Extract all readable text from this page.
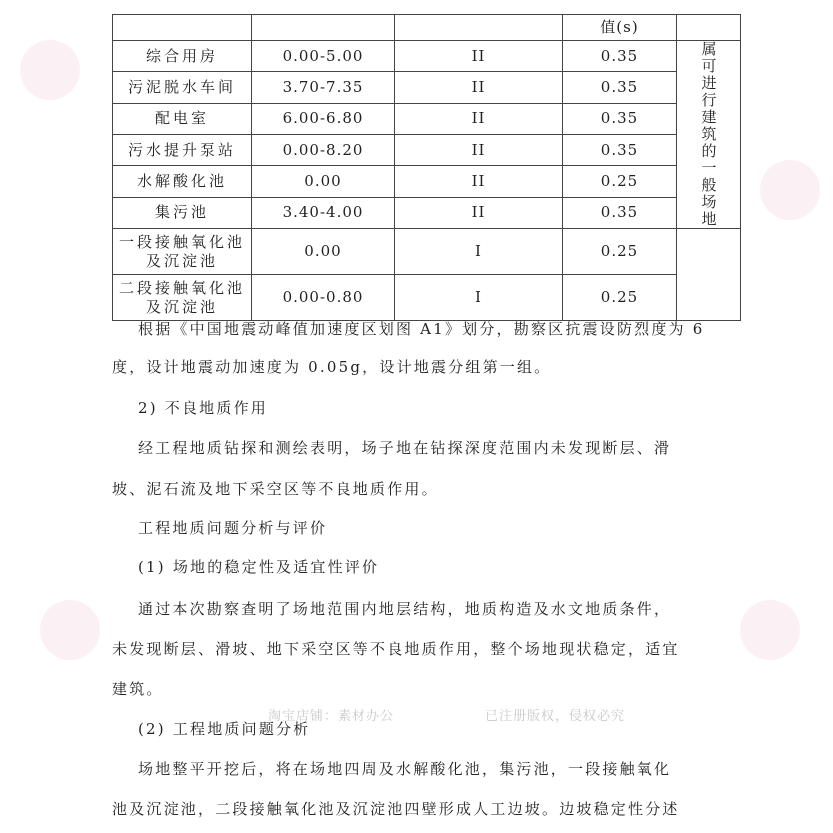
			值(s)	
综合用房	0.00-5.00	II	0.35	属可进行建筑的一般场地
污泥脱水车间	3.70-7.35	II	0.35	
配电室	6.00-6.80	II	0.35	
污水提升泵站	0.00-8.20	II	0.35	
水解酸化池	0.00	II	0.25	
集污池	3.40-4.00	II	0.35	
一段接触氧化池及沉淀池	0.00	I	0.25	
二段接触氧化池及沉淀池	0.00-0.80	I	0.25	
根据《中国地震动峰值加速度区划图 A1》划分，勘察区抗震设防烈度为 6
度，设计地震动加速度为 0.05g，设计地震分组第一组。
2) 不良地质作用
经工程地质钻探和测绘表明，场子地在钻探深度范围内未发现断层、滑
坡、泥石流及地下采空区等不良地质作用。
工程地质问题分析与评价
(1) 场地的稳定性及适宜性评价
通过本次勘察查明了场地范围内地层结构，地质构造及水文地质条件，
未发现断层、滑坡、地下采空区等不良地质作用，整个场地现状稳定，适宜
建筑。
(2) 工程地质问题分析
场地整平开挖后，将在场地四周及水解酸化池，集污池，一段接触氧化
池及沉淀池，二段接触氧化池及沉淀池四壁形成人工边坡。边坡稳定性分述
淘宝店铺：素材办公	已注册版权，侵权必究
